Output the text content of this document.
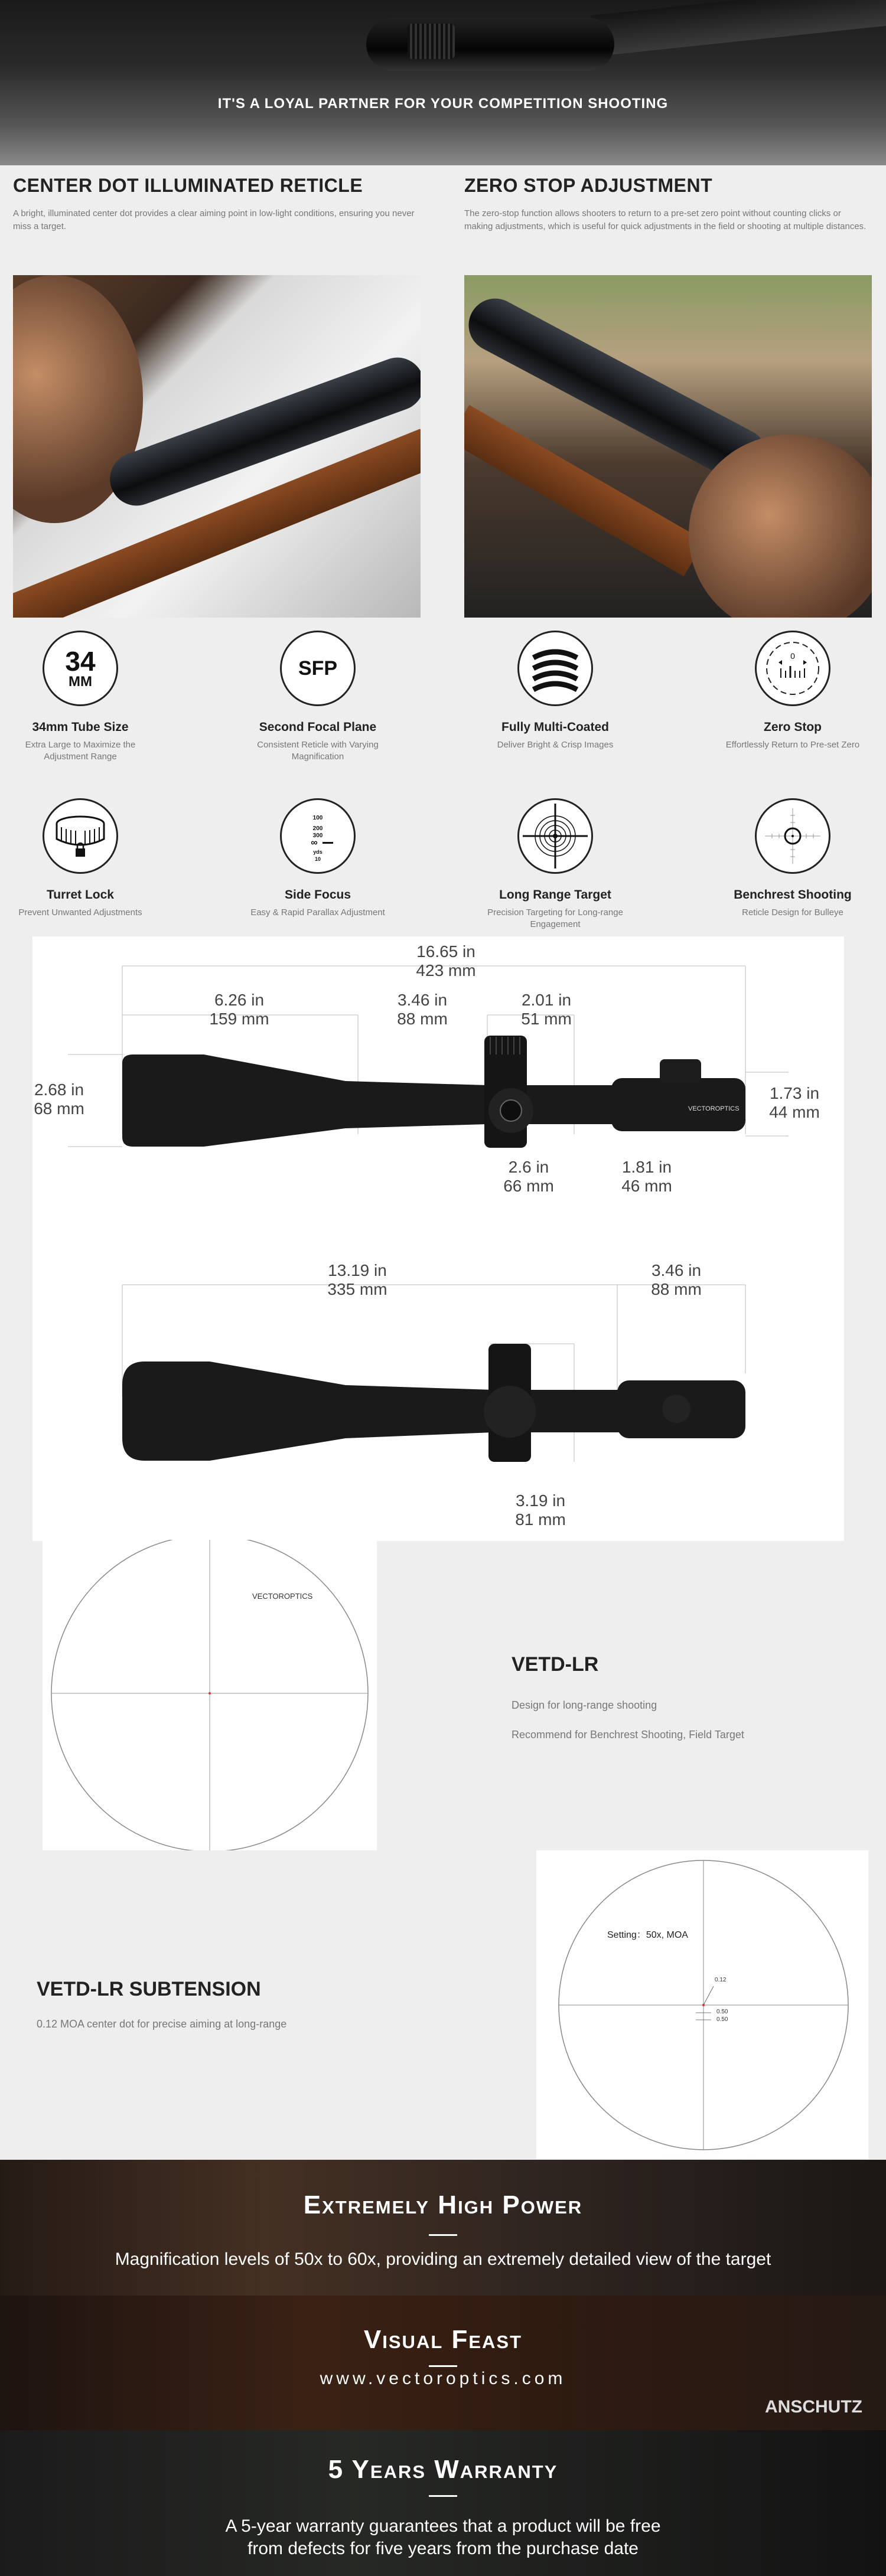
IT'S A LOYAL PARTNER FOR YOUR COMPETITION SHOOTING
CENTER DOT ILLUMINATED RETICLE

A bright, illuminated center dot provides a clear aiming point in low-light conditions, ensuring you never miss a target.

ZERO STOP ADJUSTMENT

The zero-stop function allows shooters to return to a pre-set zero point without counting clicks or making adjustments, which is useful for quick adjustments in the field or shooting at multiple distances.

34
MM
34mm Tube Size

Extra Large to Maximize the Adjustment Range

SFP
Second Focal Plane

Consistent Reticle with Varying Magnification

Fully Multi-Coated

Deliver Bright & Crisp Images

0
Zero Stop

Effortlessly Return to Pre-set Zero

Turret Lock

Prevent Unwanted Adjustments

100
200
300
∞
yds
10
Side Focus

Easy & Rapid Parallax Adjustment

Long Range Target

Precision Targeting for Long-range Engagement

Benchrest Shooting

Reticle Design for Bulleye

VECTOROPTICS
16.65 in
423 mm
6.26 in
159 mm
3.46 in
88 mm
2.01 in
51 mm
2.68 in
68 mm
1.73 in
44 mm
2.6 in
66 mm
1.81 in
46 mm
13.19 in
335 mm
3.46 in
88 mm
3.19 in
81 mm
VECTOROPTICS
VETD-LR

Design for long-range shooting

Recommend for Benchrest Shooting, Field Target

VETD-LR SUBTENSION

0.12 MOA center dot for precise aiming at long-range

Setting：50x, MOA
0.12
0.50
0.50
Extremely High Power

Magnification levels of 50x to 60x, providing an extremely detailed view of the target

Visual Feast

www.vectoroptics.com

ANSCHUTZ
5 Years Warranty

A 5-year warranty guarantees that a product will be free
from defects for five years from the purchase date
